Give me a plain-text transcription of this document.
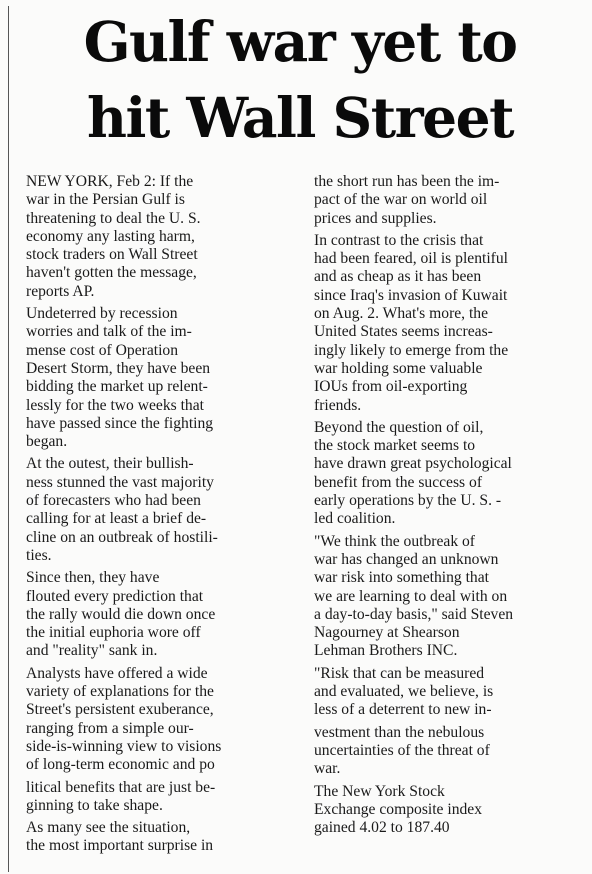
Gulf war yet to
hit Wall Street
NEW YORK, Feb 2: If the
war in the Persian Gulf is
threatening to deal the U. S.
economy any lasting harm,
stock traders on Wall Street
haven't gotten the message,
reports AP.
Undeterred by recession
worries and talk of the im-
mense cost of Operation
Desert Storm, they have been
bidding the market up relent-
lessly for the two weeks that
have passed since the fighting
began.
At the outest, their bullish-
ness stunned the vast majority
of forecasters who had been
calling for at least a brief de-
cline on an outbreak of hostili-
ties.
Since then, they have
flouted every prediction that
the rally would die down once
the initial euphoria wore off
and "reality" sank in.
Analysts have offered a wide
variety of explanations for the
Street's persistent exuberance,
ranging from a simple our-
side-is-winning view to visions
of long-term economic and po
litical benefits that are just be-
ginning to take shape.
As many see the situation,
the most important surprise in
the short run has been the im-
pact of the war on world oil
prices and supplies.
In contrast to the crisis that
had been feared, oil is plentiful
and as cheap as it has been
since Iraq's invasion of Kuwait
on Aug. 2. What's more, the
United States seems increas-
ingly likely to emerge from the
war holding some valuable
IOUs from oil-exporting
friends.
Beyond the question of oil,
the stock market seems to
have drawn great psychological
benefit from the success of
early operations by the U. S. -
led coalition.
"We think the outbreak of
war has changed an unknown
war risk into something that
we are learning to deal with on
a day-to-day basis," said Steven
Nagourney at Shearson
Lehman Brothers INC.
"Risk that can be measured
and evaluated, we believe, is
less of a deterrent to new in-
vestment than the nebulous
uncertainties of the threat of
war.
The New York Stock
Exchange composite index
gained 4.02 to 187.40
